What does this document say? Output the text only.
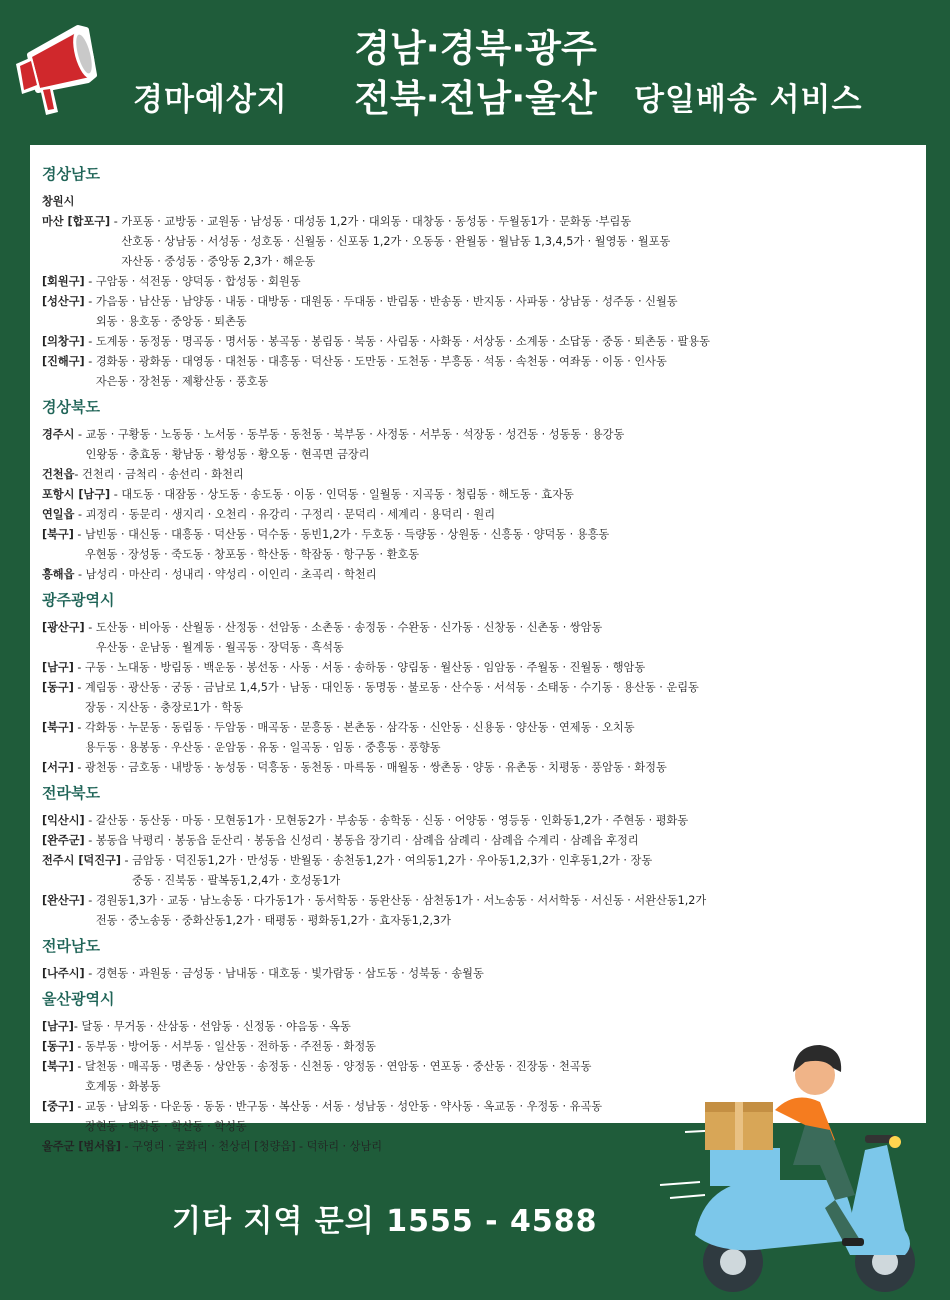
경마예상지
경남·경북·광주
전북·전남·울산	당일배송 서비스
경상남도
창원시
마산 [합포구] - 가포동 · 교방동 · 교원동 · 남성동 · 대성동 1,2가 · 대외동 · 대창동 · 동성동 · 두월동1가 · 문화동 ·부림동
산호동 · 상남동 · 서성동 · 성호동 · 신월동 · 신포동 1,2가 · 오동동 · 완월동 · 월남동 1,3,4,5가 · 월영동 · 월포동
자산동 · 중성동 · 중앙동 2,3가 · 해운동
[회원구] - 구암동 · 석전동 · 양덕동 · 합성동 · 회원동
[성산구] - 가음동 · 남산동 · 남양동 · 내동 · 대방동 · 대원동 · 두대동 · 반림동 · 반송동 · 반지동 · 사파동 · 상남동 · 성주동 · 신월동
외동 · 용호동 · 중앙동 · 퇴촌동
[의창구] - 도계동 · 동정동 · 명곡동 · 명서동 · 봉곡동 · 봉림동 · 북동 · 사림동 · 사화동 · 서상동 · 소계동 · 소답동 · 중동 · 퇴촌동 · 팔용동
[진해구] - 경화동 · 광화동 · 대영동 · 대천동 · 대흥동 · 덕산동 · 도만동 · 도천동 · 부흥동 · 석동 · 속천동 · 여좌동 · 이동 · 인사동
자은동 · 장천동 · 제황산동 · 풍호동
경상북도
경주시 - 교동 · 구황동 · 노동동 · 노서동 · 동부동 · 동천동 · 북부동 · 사정동 · 서부동 · 석장동 · 성건동 · 성동동 · 용강동
인왕동 · 충효동 · 황남동 · 황성동 · 황오동 · 현곡면 금장리
건천읍 - 건천리 · 금척리 · 송선리 · 화천리
포항시 [남구] - 대도동 · 대잠동 · 상도동 · 송도동 · 이동 · 인덕동 · 일월동 · 지곡동 · 청림동 · 해도동 · 효자동
연일읍 - 괴정리 · 동문리 · 생지리 · 오천리 · 유강리 · 구정리 · 문덕리 · 세계리 · 용덕리 · 원리
[북구] - 남빈동 · 대신동 · 대흥동 · 덕산동 · 덕수동 · 동빈1,2가 · 두호동 · 득량동 · 상원동 · 신흥동 · 양덕동 · 용흥동
우현동 · 장성동 · 죽도동 · 창포동 · 학산동 · 학잠동 · 항구동 · 환호동
흥해읍 - 남성리 · 마산리 · 성내리 · 약성리 · 이인리 · 초곡리 · 학천리
광주광역시
[광산구] - 도산동 · 비아동 · 산월동 · 산정동 · 선암동 · 소촌동 · 송정동 · 수완동 · 신가동 · 신창동 · 신촌동 · 쌍암동
우산동 · 운남동 · 월계동 · 월곡동 · 장덕동 · 흑석동
[남구] - 구동 · 노대동 · 방림동 · 백운동 · 봉선동 · 사동 · 서동 · 송하동 · 양림동 · 월산동 · 임암동 · 주월동 · 진월동 · 행암동
[동구] - 계림동 · 광산동 · 궁동 · 금남로 1,4,5가 · 남동 · 대인동 · 동명동 · 불로동 · 산수동 · 서석동 · 소태동 · 수기동 · 용산동 · 운림동
장동 · 지산동 · 충장로1가 · 학동
[북구] - 각화동 · 누문동 · 동림동 · 두암동 · 매곡동 · 문흥동 · 본촌동 · 삼각동 · 신안동 · 신용동 · 양산동 · 연제동 · 오치동
용두동 · 용봉동 · 우산동 · 운암동 · 유동 · 일곡동 · 임동 · 중흥동 · 풍향동
[서구] - 광천동 · 금호동 · 내방동 · 농성동 · 덕흥동 · 동천동 · 마륵동 · 매월동 · 쌍촌동 · 양동 · 유촌동 · 치평동 · 풍암동 · 화정동
전라북도
[익산시] - 갈산동 · 동산동 · 마동 · 모현동1가 · 모현동2가 · 부송동 · 송학동 · 신동 · 어양동 · 영등동 · 인화동1,2가 · 주현동 · 평화동
[완주군] - 봉동읍 낙평리 · 봉동읍 둔산리 · 봉동읍 신성리 · 봉동읍 장기리 · 삼례읍 삼례리 · 삼례읍 수계리 · 삼례읍 후정리
전주시 [덕진구] - 금암동 · 덕진동1,2가 · 만성동 · 반월동 · 송천동1,2가 · 여의동1,2가 · 우아동1,2,3가 · 인후동1,2가 · 장동
중동 · 진북동 · 팔복동1,2,4가 · 호성동1가
[완산구] - 경원동1,3가 · 교동 · 남노송동 · 다가동1가 · 동서학동 · 동완산동 · 삼천동1가 · 서노송동 · 서서학동 · 서신동 · 서완산동1,2가
전동 · 중노송동 · 중화산동1,2가 · 태평동 · 평화동1,2가 · 효자동1,2,3가
전라남도
[나주시] - 경현동 · 과원동 · 금성동 · 남내동 · 대호동 · 빛가람동 · 삼도동 · 성북동 · 송월동
울산광역시
[남구] - 달동 · 무거동 · 산삼동 · 선암동 · 신정동 · 야음동 · 옥동
[동구] - 동부동 · 방어동 · 서부동 · 일산동 · 전하동 · 주전동 · 화정동
[북구] - 달천동 · 매곡동 · 명촌동 · 상안동 · 송정동 · 신천동 · 양정동 · 연암동 · 연포동 · 중산동 · 진장동 · 천곡동
호계동 · 화봉동
[중구] - 교동 · 남외동 · 다운동 · 동동 · 반구동 · 복산동 · 서동 · 성남동 · 성안동 · 약사동 · 옥교동 · 우정동 · 유곡동
장현동 · 태화동 · 학산동 · 학성동
울주군 [범서읍] - 구영리 · 굴화리 · 천상리 [청량읍] - 덕하리 · 상남리
기타 지역 문의 1555 - 4588
